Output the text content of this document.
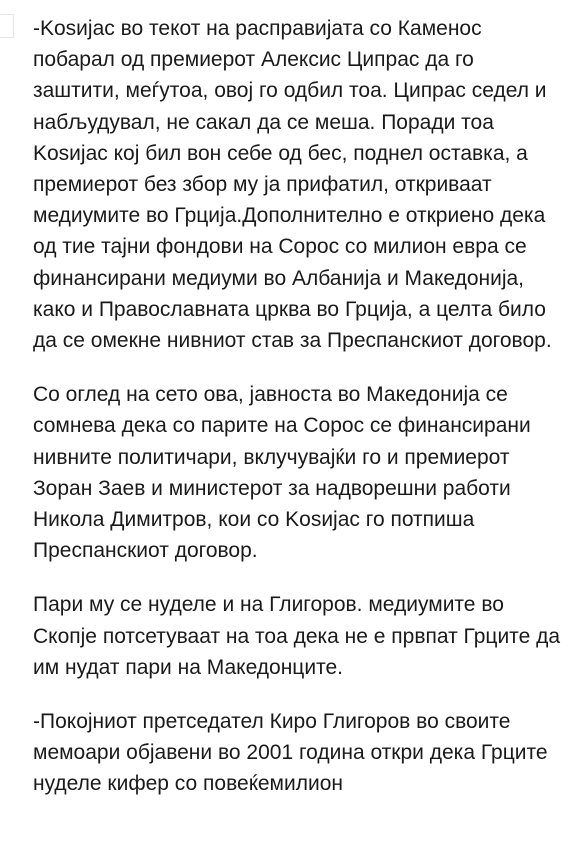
-Kosијас во текот на расправијата со Каменос побарал од премиерот Алексис Ципрас да го заштити, меѓутоа, овој го одбил тоа. Ципрас седел и набљудувал, не сакал да се меша. Поради тоа Kosијас кој бил вон себе од бес, поднел оставка, а премиерот без збор му ја прифатил, откриваат медиумите во Грција.Дополнително е откриено дека од тие тајни фондови на Сорос со милион евра се финансирани медиуми во Албанија и Македонија, како и Православната црква во Грција, а целта било да се омекне нивниот став за Преспанскиот договор.

Со оглед на сето ова, јавноста во Македонија се сомнева дека со парите на Сорос се финансирани нивните политичари, вклучувајќи го и премиерот Зоран Заев и министерот за надворешни работи Никола Димитров, кои со Kosијас го потпиша Преспанскиот договор.

Пари му се нуделе и на Глигоров. медиумите во Скопје потсетуваат на тоа дека не е првпат Грците да им нудат пари на Македонците.

-Покојниот претседател Киро Глигоров во своите мемоари објавени во 2001 година откри дека Грците нуделе кифер со повеќемилион
